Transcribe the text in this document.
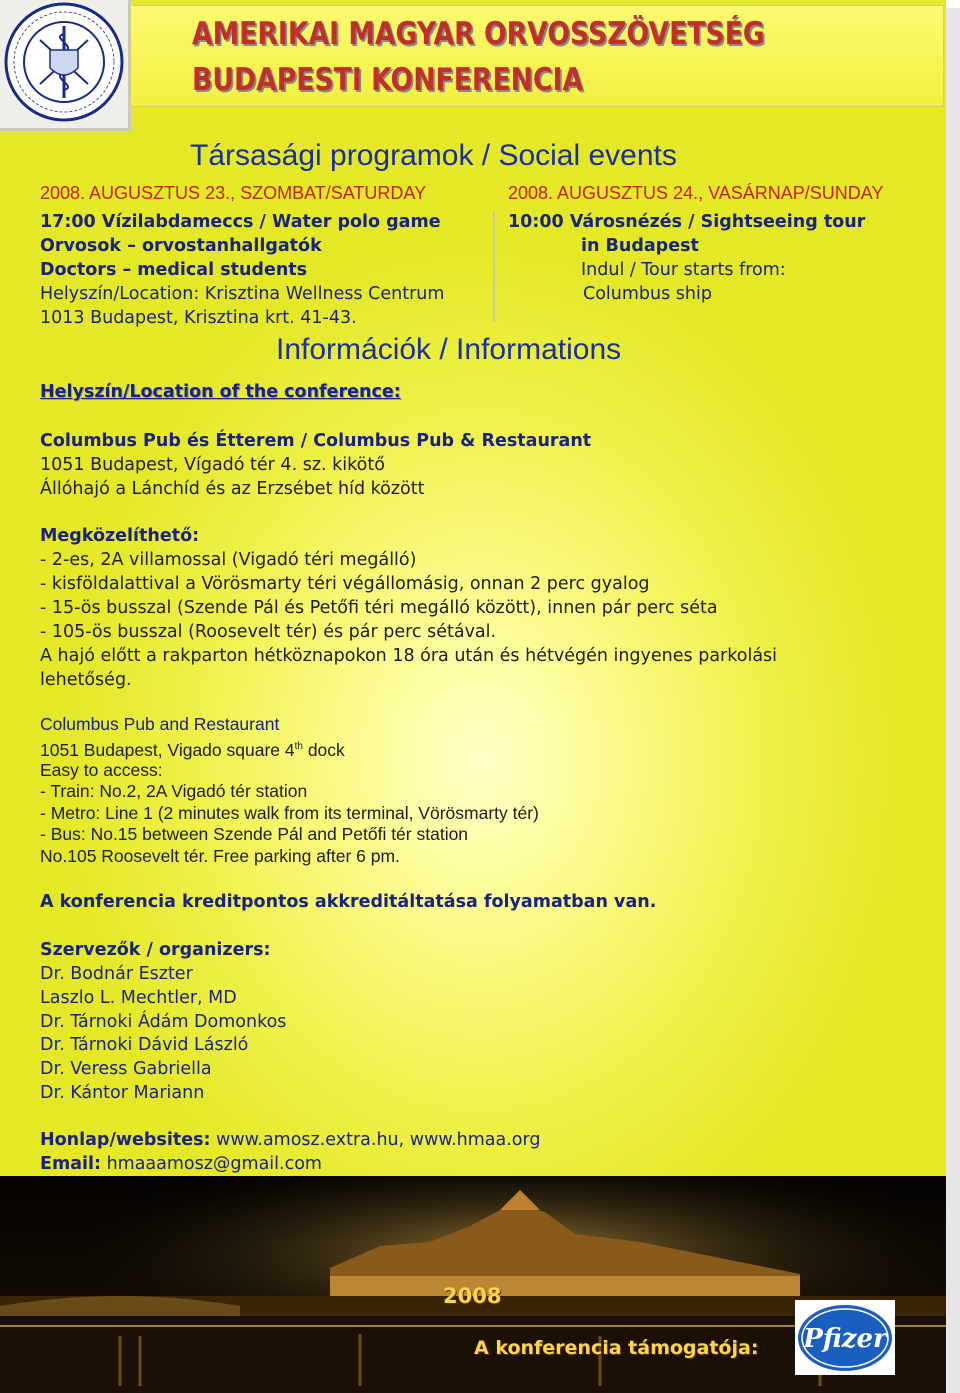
AMERIKAI MAGYAR ORVOSSZÖVETSÉG
BUDAPESTI KONFERENCIA
Társasági programok / Social events
2008. AUGUSZTUS 23., SZOMBAT/SATURDAY	2008. AUGUSZTUS 24., VASÁRNAP/SUNDAY
17:00 Vízilabdameccs / Water polo game
Orvosok – orvostanhallgatók
Doctors – medical students
Helyszín/Location: Krisztina Wellness Centrum
1013 Budapest, Krisztina krt. 41-43.
10:00 Városnézés / Sightseeing tour
in Budapest
Indul / Tour starts from:
Columbus ship
Információk / Informations
Helyszín/Location of the conference:
Columbus Pub és Étterem / Columbus Pub & Restaurant
1051 Budapest, Vígadó tér 4. sz. kikötő
Állóhajó a Lánchíd és az Erzsébet híd között
Megközelíthető:
- 2-es, 2A villamossal (Vigadó téri megálló)
- kisföldalattival a Vörösmarty téri végállomásig, onnan 2 perc gyalog
- 15-ös busszal (Szende Pál és Petőfi téri megálló között), innen pár perc séta
- 105-ös busszal (Roosevelt tér) és pár perc sétával.
A hajó előtt a rakparton hétköznapokon 18 óra után és hétvégén ingyenes parkolási
lehetőség.
Columbus Pub and Restaurant
1051 Budapest, Vigado square 4th dock
Easy to access:
- Train: No.2, 2A Vigadó tér station
- Metro: Line 1 (2 minutes walk from its terminal, Vörösmarty tér)
- Bus: No.15 between Szende Pál and Petőfi tér station
No.105 Roosevelt tér. Free parking after 6 pm.
A konferencia kreditpontos akkreditáltatása folyamatban van.
Szervezők / organizers:
Dr. Bodnár Eszter
Laszlo L. Mechtler, MD
Dr. Tárnoki Ádám Domonkos
Dr. Tárnoki Dávid László
Dr. Veress Gabriella
Dr. Kántor Mariann
Honlap/websites: www.amosz.extra.hu, www.hmaa.org
Email: hmaaamosz@gmail.com
2008
A konferencia támogatója: Pfizer
